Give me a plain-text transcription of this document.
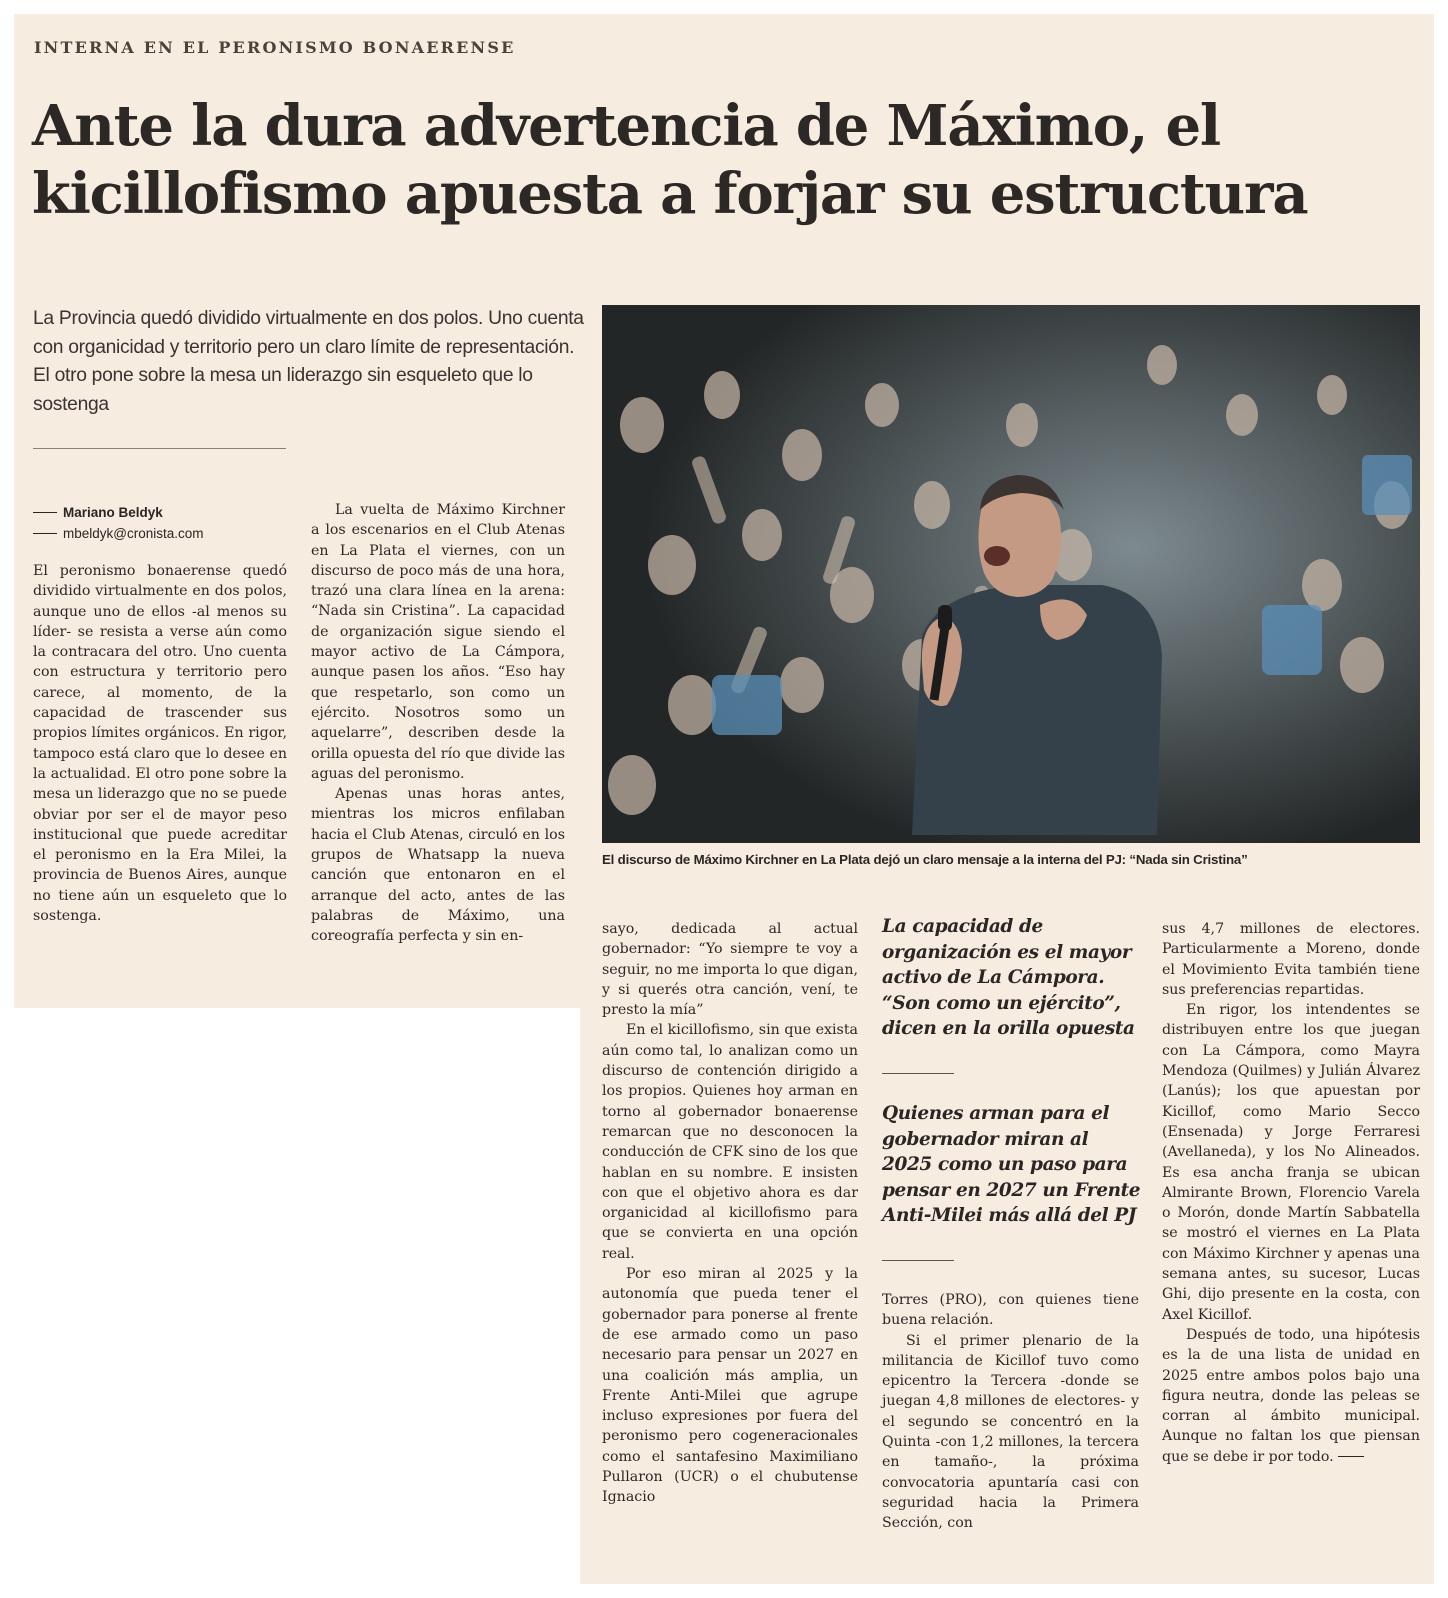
INTERNA EN EL PERONISMO BONAERENSE
Ante la dura advertencia de Máximo, el kicillofismo apuesta a forjar su estructura

La Provincia quedó dividido virtualmente en dos polos. Uno cuenta con organicidad y territorio pero un claro límite de representación. El otro pone sobre la mesa un liderazgo sin esqueleto que lo sostenga

Mariano Beldyk
mbeldyk@cronista.com

El peronismo bonaerense quedó dividido virtualmente en dos polos, aunque uno de ellos -al menos su líder- se resista a verse aún como la contracara del otro. Uno cuenta con estructura y territorio pero carece, al momento, de la capacidad de trascender sus propios límites orgánicos. En rigor, tampoco está claro que lo desee en la actualidad. El otro pone sobre la mesa un liderazgo que no se puede obviar por ser el de mayor peso institucional que puede acreditar el peronismo en la Era Milei, la provincia de Buenos Aires, aunque no tiene aún un esqueleto que lo sostenga.

La vuelta de Máximo Kirchner a los escenarios en el Club Atenas en La Plata el viernes, con un discurso de poco más de una hora, trazó una clara línea en la arena: “Nada sin Cristina”. La capacidad de organización sigue siendo el mayor activo de La Cámpora, aunque pasen los años. “Eso hay que respetarlo, son como un ejército. Nosotros somo un aquelarre”, describen desde la orilla opuesta del río que divide las aguas del peronismo.

Apenas unas horas antes, mientras los micros enfilaban hacia el Club Atenas, circuló en los grupos de Whatsapp la nueva canción que entonaron en el arranque del acto, antes de las palabras de Máximo, una coreografía perfecta y sin en-

El discurso de Máximo Kirchner en La Plata dejó un claro mensaje a la interna del PJ: “Nada sin Cristina”

sayo, dedicada al actual gobernador: “Yo siempre te voy a seguir, no me importa lo que digan, y si querés otra canción, vení, te presto la mía”

En el kicillofismo, sin que exista aún como tal, lo analizan como un discurso de contención dirigido a los propios. Quienes hoy arman en torno al gobernador bonaerense remarcan que no desconocen la conducción de CFK sino de los que hablan en su nombre. E insisten con que el objetivo ahora es dar organicidad al kicillofismo para que se convierta en una opción real.

Por eso miran al 2025 y la autonomía que pueda tener el gobernador para ponerse al frente de ese armado como un paso necesario para pensar un 2027 en una coalición más amplia, un Frente Anti-Milei que agrupe incluso expresiones por fuera del peronismo pero cogeneracionales como el santafesino Maximiliano Pullaron (UCR) o el chubutense Ignacio

La capacidad de organización es el mayor activo de La Cámpora. “Son como un ejército”, dicen en la orilla opuesta

Quienes arman para el gobernador miran al 2025 como un paso para pensar en 2027 un Frente Anti-Milei más allá del PJ

Torres (PRO), con quienes tiene buena relación.

Si el primer plenario de la militancia de Kicillof tuvo como epicentro la Tercera -donde se juegan 4,8 millones de electores- y el segundo se concentró en la Quinta -con 1,2 millones, la tercera en tamaño-, la próxima convocatoria apuntaría casi con seguridad hacia la Primera Sección, con

sus 4,7 millones de electores. Particularmente a Moreno, donde el Movimiento Evita también tiene sus preferencias repartidas.

En rigor, los intendentes se distribuyen entre los que juegan con La Cámpora, como Mayra Mendoza (Quilmes) y Julián Álvarez (Lanús); los que apuestan por Kicillof, como Mario Secco (Ensenada) y Jorge Ferraresi (Avellaneda), y los No Alineados. Es esa ancha franja se ubican Almirante Brown, Florencio Varela o Morón, donde Martín Sabbatella se mostró el viernes en La Plata con Máximo Kirchner y apenas una semana antes, su sucesor, Lucas Ghi, dijo presente en la costa, con Axel Kicillof.

Después de todo, una hipótesis es la de una lista de unidad en 2025 entre ambos polos bajo una figura neutra, donde las peleas se corran al ámbito municipal. Aunque no faltan los que piensan que se debe ir por todo.
